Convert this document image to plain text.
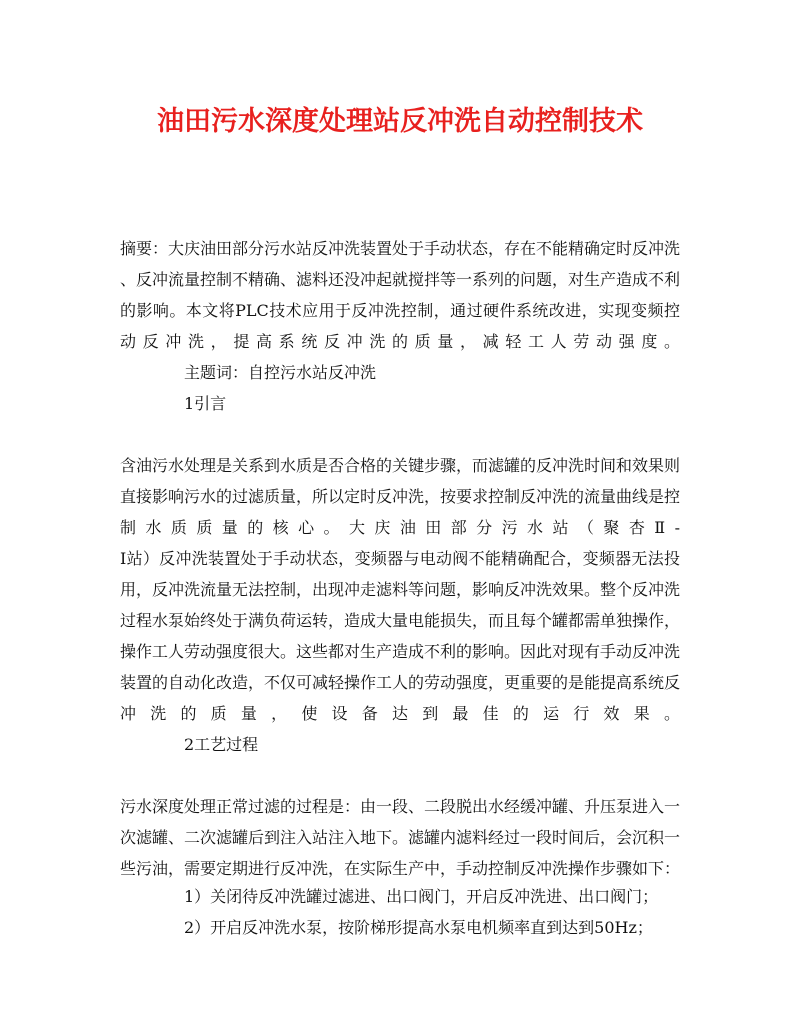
油田污水深度处理站反冲洗自动控制技术
摘要：大庆油田部分污水站反冲洗装置处于手动状态，存在不能精确定时反冲洗
、反冲流量控制不精确、滤料还没冲起就搅拌等一系列的问题，对生产造成不利
的影响。本文将PLC技术应用于反冲洗控制，通过硬件系统改进，实现变频控
动反冲洗，提高系统反冲洗的质量，减轻工人劳动强度。
主题词：自控污水站反冲洗
1引言
含油污水处理是关系到水质是否合格的关键步骤，而滤罐的反冲洗时间和效果则
直接影响污水的过滤质量，所以定时反冲洗，按要求控制反冲洗的流量曲线是控
制水质质量的核心。大庆油田部分污水站（聚杏Ⅱ-
Ⅰ站）反冲洗装置处于手动状态，变频器与电动阀不能精确配合，变频器无法投
用，反冲洗流量无法控制，出现冲走滤料等问题，影响反冲洗效果。整个反冲洗
过程水泵始终处于满负荷运转，造成大量电能损失，而且每个罐都需单独操作，
操作工人劳动强度很大。这些都对生产造成不利的影响。因此对现有手动反冲洗
装置的自动化改造，不仅可减轻操作工人的劳动强度，更重要的是能提高系统反
冲洗的质量，使设备达到最佳的运行效果。
2工艺过程
污水深度处理正常过滤的过程是：由一段、二段脱出水经缓冲罐、升压泵进入一
次滤罐、二次滤罐后到注入站注入地下。滤罐内滤料经过一段时间后，会沉积一
些污油，需要定期进行反冲洗，在实际生产中，手动控制反冲洗操作步骤如下：
1）关闭待反冲洗罐过滤进、出口阀门，开启反冲洗进、出口阀门；
2）开启反冲洗水泵，按阶梯形提高水泵电机频率直到达到50Hz；
